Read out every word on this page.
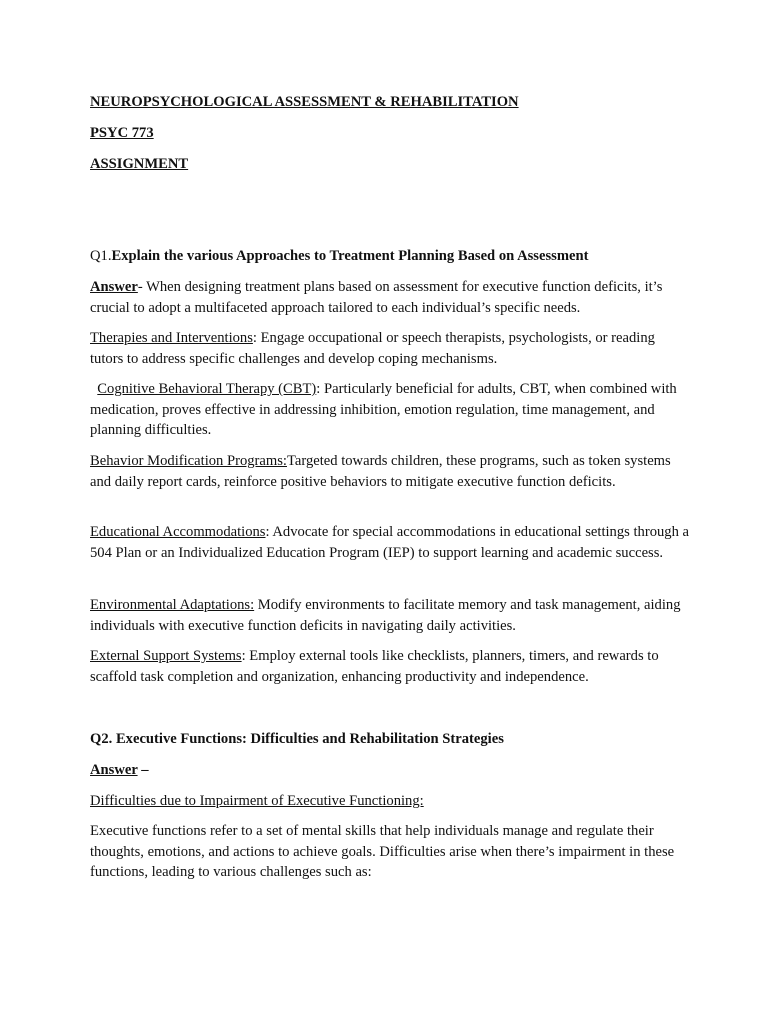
NEUROPSYCHOLOGICAL ASSESSMENT & REHABILITATION

PSYC 773

ASSIGNMENT

Q1.Explain the various Approaches to Treatment Planning Based on Assessment

Answer- When designing treatment plans based on assessment for executive function deficits, it’s crucial to adopt a multifaceted approach tailored to each individual’s specific needs.

Therapies and Interventions: Engage occupational or speech therapists, psychologists, or reading tutors to address specific challenges and develop coping mechanisms.

Cognitive Behavioral Therapy (CBT): Particularly beneficial for adults, CBT, when combined with medication, proves effective in addressing inhibition, emotion regulation, time management, and planning difficulties.

Behavior Modification Programs:Targeted towards children, these programs, such as token systems and daily report cards, reinforce positive behaviors to mitigate executive function deficits.

Educational Accommodations: Advocate for special accommodations in educational settings through a 504 Plan or an Individualized Education Program (IEP) to support learning and academic success.

Environmental Adaptations: Modify environments to facilitate memory and task management, aiding individuals with executive function deficits in navigating daily activities.

External Support Systems: Employ external tools like checklists, planners, timers, and rewards to scaffold task completion and organization, enhancing productivity and independence.

Q2. Executive Functions: Difficulties and Rehabilitation Strategies

Answer –

Difficulties due to Impairment of Executive Functioning:

Executive functions refer to a set of mental skills that help individuals manage and regulate their thoughts, emotions, and actions to achieve goals. Difficulties arise when there’s impairment in these functions, leading to various challenges such as:
